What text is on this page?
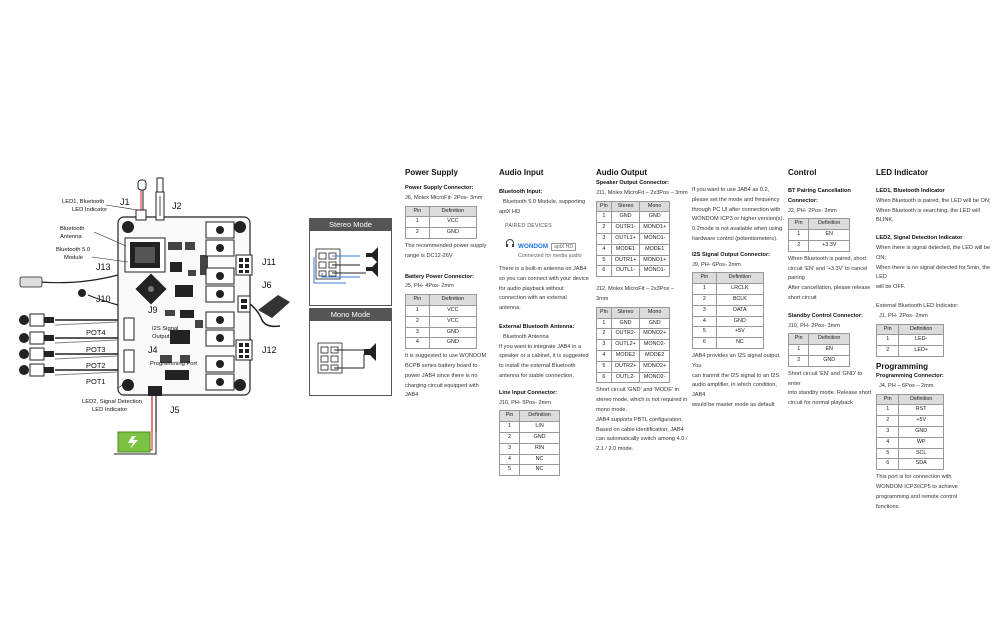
LED1, Bluetooth
LED Indicator
Bluetooth
Antenna
Bluetooth 5.0
Module
I2S Signal
Output
Programming Port
LED2, Signal Detection
LED Indicator
J1	J2
J13
J10
J9
J4
J5
J11
J6
J12
POT4
POT3
POT2
POT1
Stereo Mode
Mono Mode
Power Supply

Power Supply Connector:

J6, Molex MicroFit- 2Pos- 3mm

Pin	Definition
1	VCC
2	GND

The recommended power supply

range is DC12-26V

Battery Power Connector:

J5, PH- 4Pos- 2mm

Pin	Definition
1	VCC
2	VCC
3	GND
4	GND

It is suggested to use WONDOM

BCPB series battery board to

power JAB4 since there is no

charging circuit equipped with

JAB4

Audio Input

Bluetooth Input:

Bluetooth 5.0 Module, supporting

aptX HD

PAIRED DEVICES
WONDOM aptX HD
Connected for media audio

There is a built-in antenna on JAB4

so you can connect with your device

for audio playback without

connection with an external

antenna.

External Bluetooth Antenna:

Bluetooth Antenna

If you want to integrate JAB4 in a

speaker or a cabinet, it is suggested

to install the external Bluetooth

antenna for stable connection.

Line Input Connector:

J10, PH- 5Pos- 2mm

Pin	Definition
1	LIN
2	GND
3	RIN
4	NC
5	NC
Audio Output

Speaker Output Connector:

J11, Molex MicroFit – 2x3Pos – 3mm

Pin	Stereo	Mono
1	GND	GND
2	OUTR1-	MONO1+
3	OUTL1+	MONO1-
4	MODE1	MODE1
5	OUTR1+	MONO1+
6	OUTL1-	MONO1-

J12, Molex MicroFit – 2x3Pos –

3mm

Pin	Stereo	Mono
1	GND	GND
2	OUTR2-	MONO2+
3	OUTL2+	MONO2-
4	MODE2	MODE2
5	OUTR2+	MONO2+
6	OUTL2-	MONO2-

Short circuit 'GND' and 'MODE' in

stereo mode, which is not required in

mono mode.

JAB4 supports PBTL configuration.

Based on cable identification, JAB4

can automatically switch among 4.0 /

2.1 / 2.0 mode.

If you want to use JAB4 as 0.2,

please set the mode and frequency

through PC UI after connection with

WONDOM ICP3 or higher version(s).

0.2mode is not available when using

hardware control (potentiometers).

I2S Signal Output Connector:

J9, PH- 6Pos- 2mm

Pin	Definition
1	LRCLK
2	BCLK
3	DATA
4	GND
5	+5V
6	NC

JAB4 provides an I2S signal output. You

can tranmit the I2S signal to an I2S

audio amplifier, in which condition, JAB4

would be master mode as default

Control

BT Pairing Cancellation

Connector:

J2, PH- 2Pos- 3mm

Pin	Definition
1	EN
2	+3.3V

When Bluetooth is paired, short

circuit 'EN' and '+3.3V' to cancel

pairing

After cancellation, please release

short circuit

Standby Control Connector:

J10, PH- 2Pos- 3mm

Pin	Definition
1	EN
2	GND

Short circuit 'EN' and 'GND' to enter

into standby mode. Release short

circuit for normal playback

LED Indicator

LED1, Bluetooth Indicator

When Bluetooth is paired, the LED will be ON;

When Bluetooth is searching, the LED will BLINK.

LED2, Signal Detection Indicator

When there is signal detected, the LED will be ON;

When there is no signal detected for 5min, the LED

will be OFF.

External Bluetooth LED Indicator:

J1, PH- 2Pos- 2mm

Pin	Definition
1	LED-
2	LED+
Programming

Programming Connector:

J4, PH – 6Pos – 2mm

Pin	Definition
1	RST
2	+5V
3	GND
4	WP
5	SCL
6	SDA

This port is for connection with

WONDOM ICP3/ICP5 to achieve

programming and remote control

functions.
